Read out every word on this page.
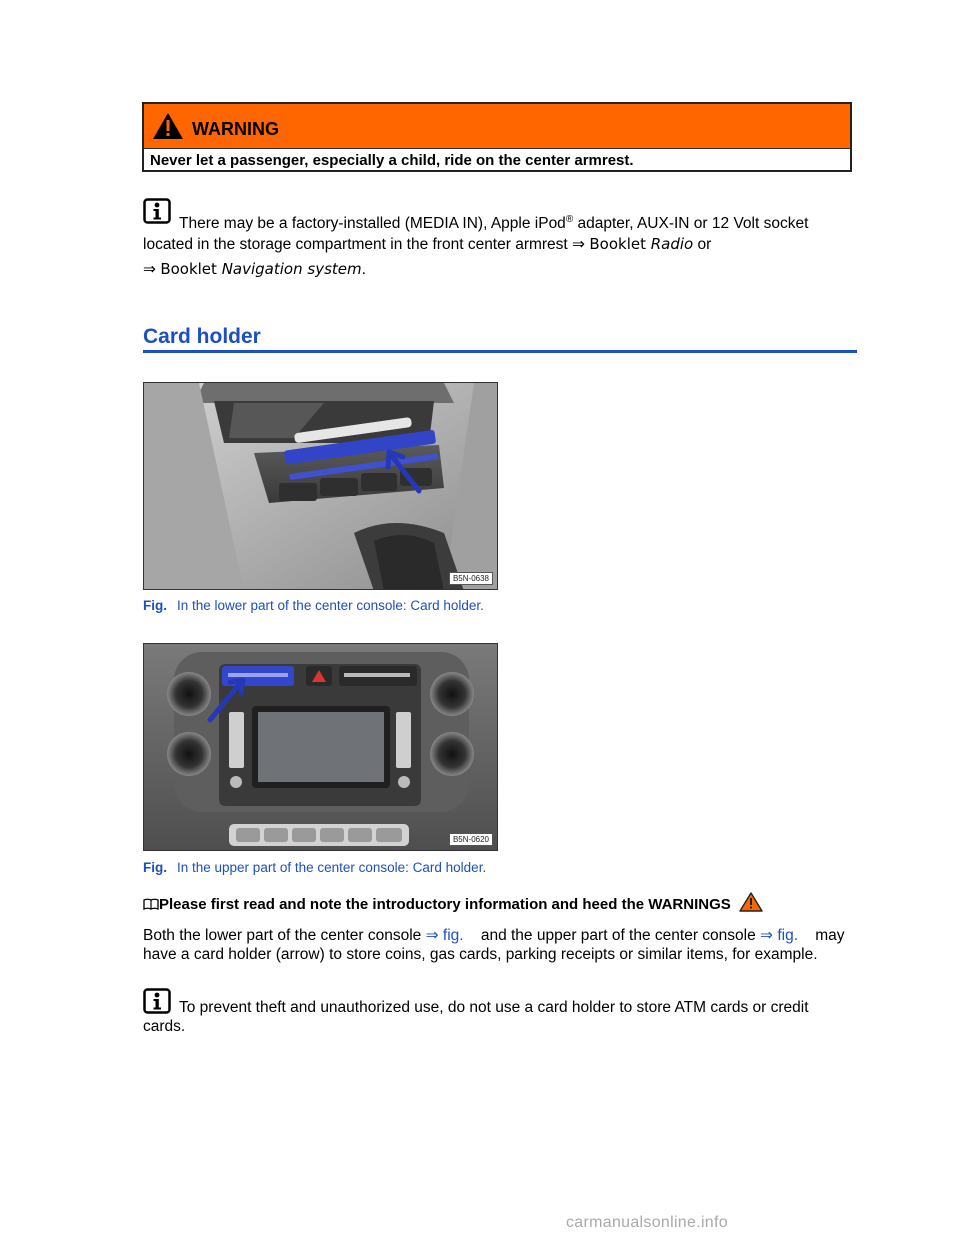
WARNING
Never let a passenger, especially a child, ride on the center armrest.
There may be a factory-installed (MEDIA IN), Apple iPod® adapter, AUX-IN or 12 Volt socket
located in the storage compartment in the front center armrest ⇒ Booklet Radio or
⇒ Booklet Navigation system.
Card holder
B5N-0638
Fig. In the lower part of the center console: Card holder.
B5N-0620
Fig. In the upper part of the center console: Card holder.
Please first read and note the introductory information and heed the WARNINGS
Both the lower part of the center console ⇒ fig.    and the upper part of the center console ⇒ fig.    may
have a card holder (arrow) to store coins, gas cards, parking receipts or similar items, for example.
To prevent theft and unauthorized use, do not use a card holder to store ATM cards or credit
cards.
carmanualsonline.info
